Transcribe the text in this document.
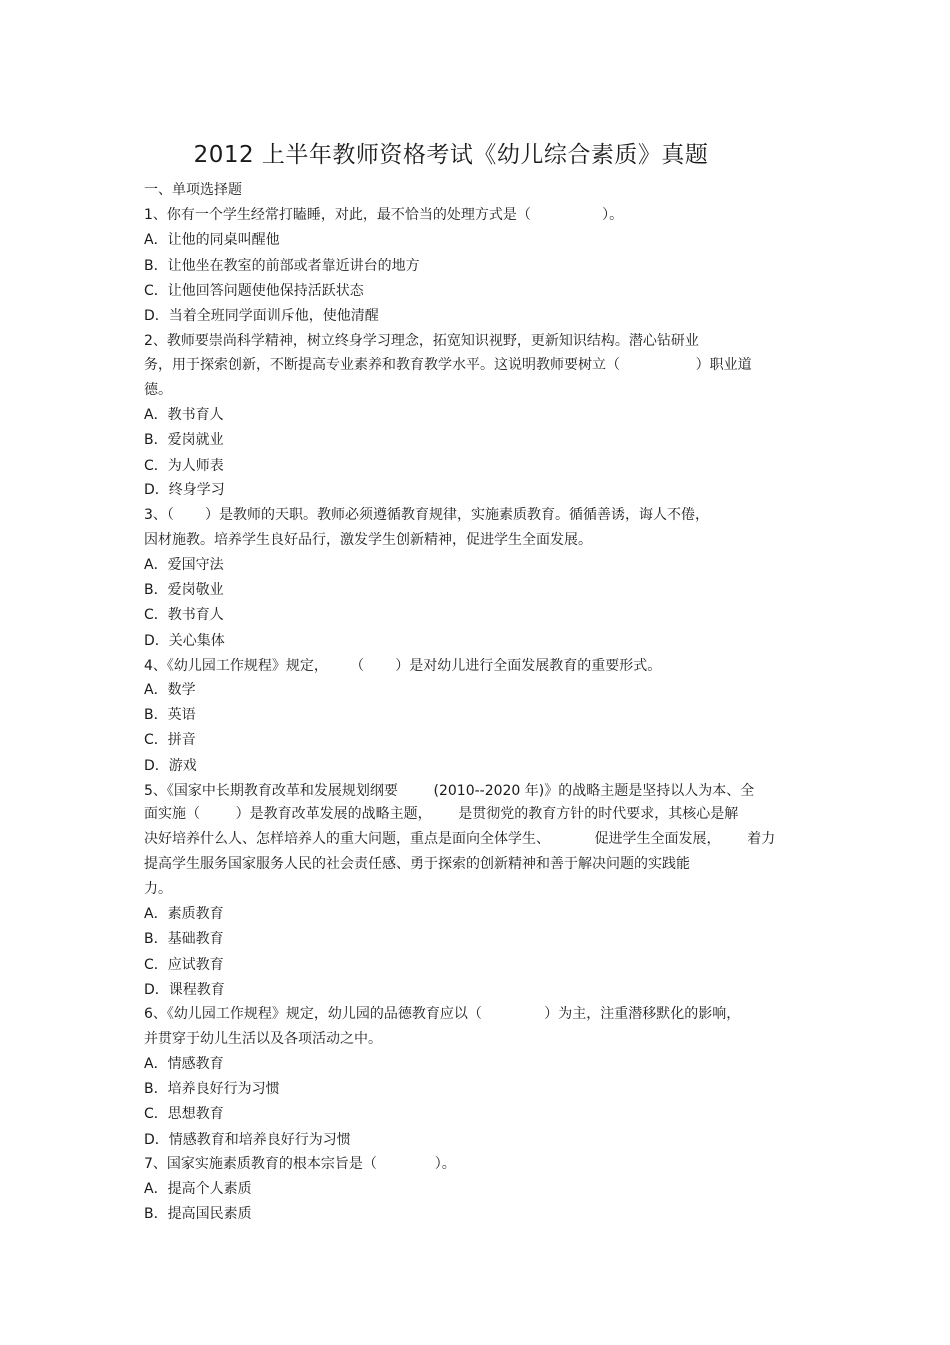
2012 上半年教师资格考试《幼儿综合素质》真题
一、单项选择题
1、你有一个学生经常打瞌睡，对此，最不恰当的处理方式是（                ）。
A．让他的同桌叫醒他
B．让他坐在教室的前部或者靠近讲台的地方
C．让他回答问题使他保持活跃状态
D．当着全班同学面训斥他，使他清醒
2、教师要崇尚科学精神，树立终身学习理念，拓宽知识视野，更新知识结构。潜心钻研业
务，用于探索创新，不断提高专业素养和教育教学水平。这说明教师要树立（                 ）职业道
德。
A．教书育人
B．爱岗就业
C．为人师表
D．终身学习
3、（       ）是教师的天职。教师必须遵循教育规律，实施素质教育。循循善诱，诲人不倦，
因材施教。培养学生良好品行，激发学生创新精神，促进学生全面发展。
A．爱国守法
B．爱岗敬业
C．教书育人
D．关心集体
4、《幼儿园工作规程》规定，     （       ）是对幼儿进行全面发展教育的重要形式。
A．数学
B．英语
C．拼音
D．游戏
5、《国家中长期教育改革和发展规划纲要        (2010--2020 年)》的战略主题是坚持以人为本、全
面实施（        ）是教育改革发展的战略主题，      是贯彻党的教育方针的时代要求，其核心是解
决好培养什么人、怎样培养人的重大问题，重点是面向全体学生、          促进学生全面发展，      着力
提高学生服务国家服务人民的社会责任感、勇于探索的创新精神和善于解决问题的实践能
力。
A．素质教育
B．基础教育
C．应试教育
D．课程教育
6、《幼儿园工作规程》规定，幼儿园的品德教育应以（              ）为主，注重潜移默化的影响，
并贯穿于幼儿生活以及各项活动之中。
A．情感教育
B．培养良好行为习惯
C．思想教育
D．情感教育和培养良好行为习惯
7、国家实施素质教育的根本宗旨是（             ）。
A．提高个人素质
B．提高国民素质
